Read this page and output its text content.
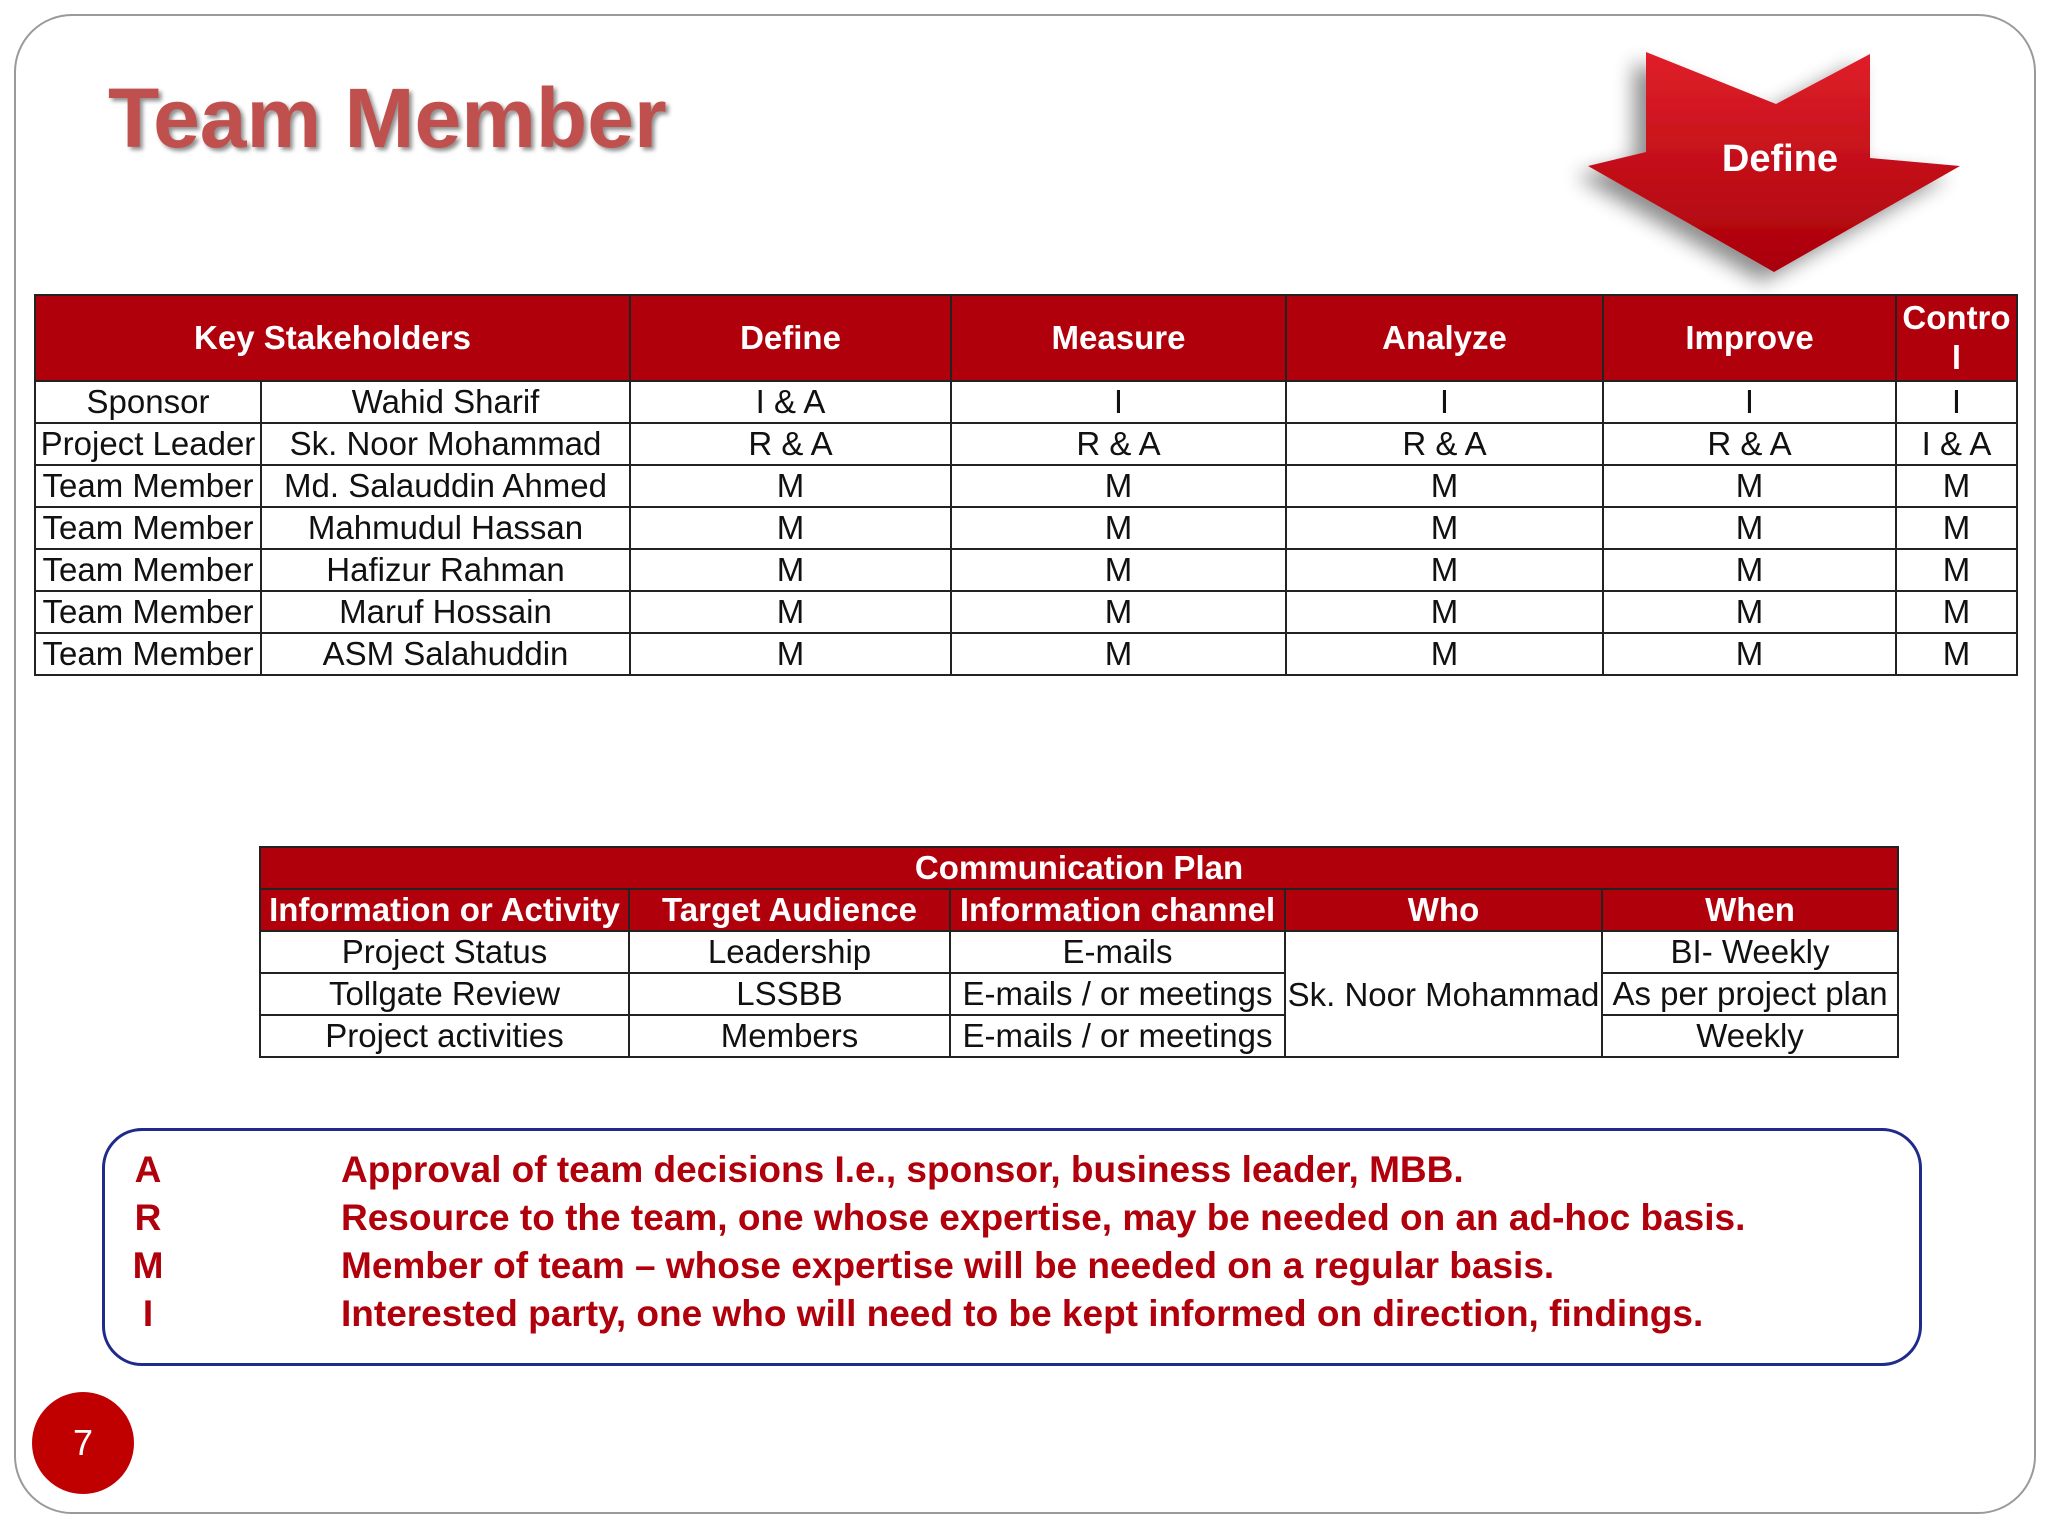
Team Member	Define
Key Stakeholders		Define	Measure	Analyze	Improve	Contro l
Sponsor	Wahid Sharif	I & A	I	I	I	I
Project Leader	Sk. Noor Mohammad	R & A	R & A	R & A	R & A	I & A
Team Member	Md. Salauddin Ahmed	M	M	M	M	M
Team Member	Mahmudul Hassan	M	M	M	M	M
Team Member	Hafizur Rahman	M	M	M	M	M
Team Member	Maruf Hossain	M	M	M	M	M
Team Member	ASM Salahuddin	M	M	M	M	M
Communication Plan				
Information or Activity	Target Audience	Information channel	Who	When
Project Status	Leadership	E-mails	Sk. Noor Mohammad	BI- Weekly
Tollgate Review	LSSBB	E-mails / or meetings		As per project plan
Project activities	Members	E-mails / or meetings		Weekly
A	Approval of team decisions I.e., sponsor, business leader, MBB.
R	Resource to the team, one whose expertise, may be needed on an ad-hoc basis.
M	Member of team – whose expertise will be needed on a regular basis.
I	Interested party, one who will need to be kept informed on direction, findings.
7
